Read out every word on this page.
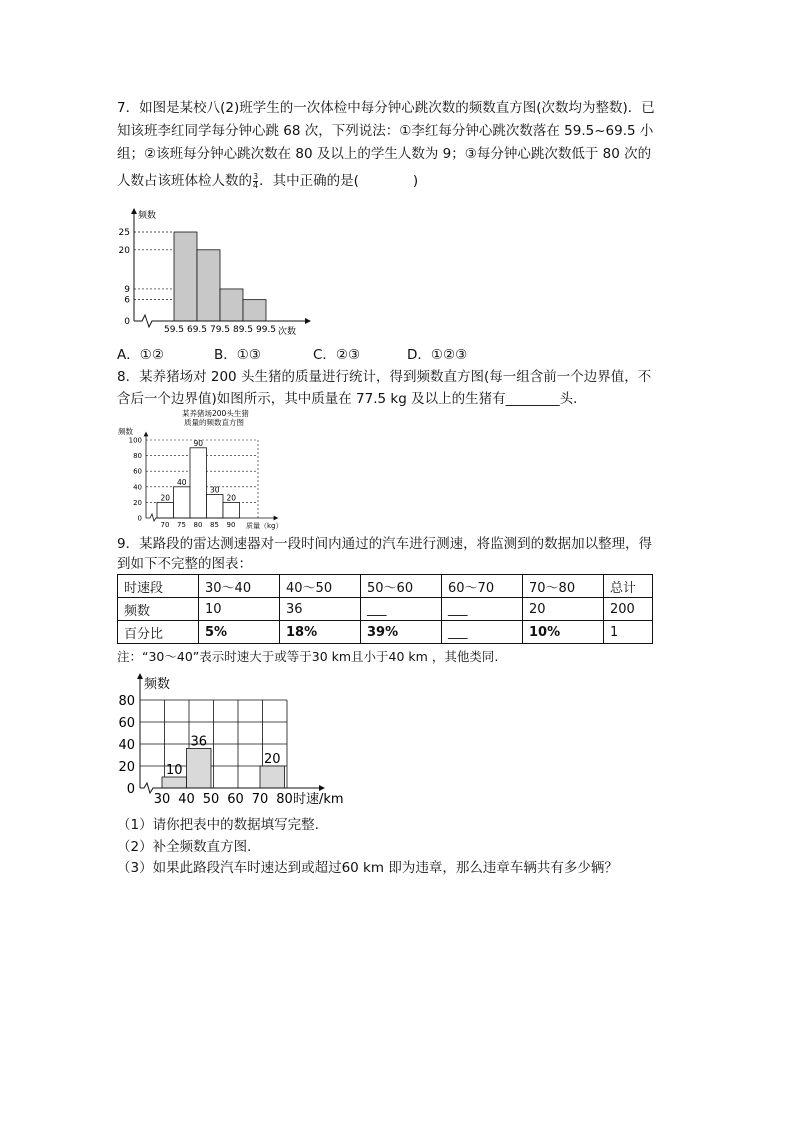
7．如图是某校八(2)班学生的一次体检中每分钟心跳次数的频数直方图(次数均为整数)．已
知该班李红同学每分钟心跳 68 次，下列说法：①李红每分钟心跳次数落在 59.5~69.5 小
组；②该班每分钟心跳次数在 80 及以上的学生人数为 9；③每分钟心跳次数低于 80 次的
人数占该班体检人数的 $\frac{3}{4}$ ．其中正确的是(　　　　)
25
20
9
6
0
59.5 69.5 79.5 89.5 99.5
频数
次数
A．①②	B．①③	C．②③	D．①②③
8．某养猪场对 200 头生猪的质量进行统计，得到频数直方图(每一组含前一个边界值，不
含后一个边界值)如图所示，其中质量在 77.5 kg 及以上的生猪有________头．
某养猪场200头生猪
质量的频数直方图
频数
100
80
60
40
20
0
20
40
90
30
20
70 75 80 85 90 质量（kg）
9．某路段的雷达测速器对一段时间内通过的汽车进行测速，将监测到的数据加以整理，得
到如下不完整的图表：
时速段	30～40	40～50	50～60	60～70	70～80	总计
频数	10	36	___	___	20	200
百分比	5%	18%	39%	___	10%	1
注：“30～40”表示时速大于或等于30 km且小于40 km ，其他类同.
80
60
40
20
0
10
36
20
30 40 50 60 70 80
频数
时速/km
（1）请你把表中的数据填写完整.
（2）补全频数直方图.
（3）如果此路段汽车时速达到或超过60 km 即为违章，那么违章车辆共有多少辆？
